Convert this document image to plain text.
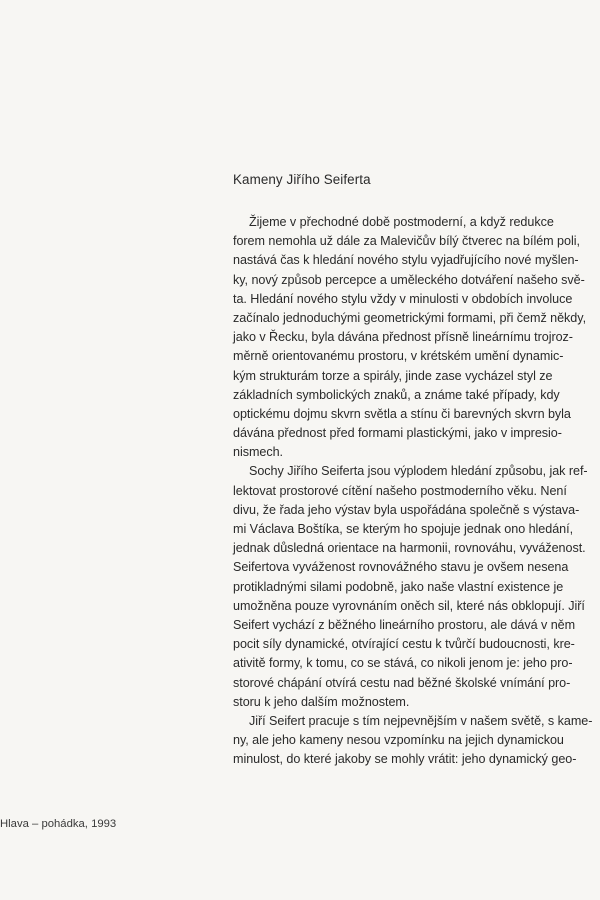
Kameny Jiřího Seiferta
Žijeme v přechodné době postmoderní, a když redukce
forem nemohla už dále za Malevičův bílý čtverec na bílém poli,
nastává čas k hledání nového stylu vyjadřujícího nové myšlen-
ky, nový způsob percepce a uměleckého dotváření našeho svě-
ta. Hledání nového stylu vždy v minulosti v obdobích involuce
začínalo jednoduchými geometrickými formami, při čemž někdy,
jako v Řecku, byla dávána přednost přísně lineárnímu trojroz-
měrně orientovanému prostoru, v krétském umění dynamic-
kým strukturám torze a spirály, jinde zase vycházel styl ze
základních symbolických znaků, a známe také případy, kdy
optickému dojmu skvrn světla a stínu či barevných skvrn byla
dávána přednost před formami plastickými, jako v impresio-
nismech.
Sochy Jiřího Seiferta jsou výplodem hledání způsobu, jak ref-
lektovat prostorové cítění našeho postmoderního věku. Není
divu, že řada jeho výstav byla uspořádána společně s výstava-
mi Václava Boštíka, se kterým ho spojuje jednak ono hledání,
jednak důsledná orientace na harmonii, rovnováhu, vyváženost.
Seifertova vyváženost rovnovážného stavu je ovšem nesena
protikladnými silami podobně, jako naše vlastní existence je
umožněna pouze vyrovnáním oněch sil, které nás obklopují. Jiří
Seifert vychází z běžného lineárního prostoru, ale dává v něm
pocit síly dynamické, otvírající cestu k tvůrčí budoucnosti, kre-
ativitě formy, k tomu, co se stává, co nikoli jenom je: jeho pro-
storové chápání otvírá cestu nad běžné školské vnímání pro-
storu k jeho dalším možnostem.
Jiří Seifert pracuje s tím nejpevnějším v našem světě, s kame-
ny, ale jeho kameny nesou vzpomínku na jejich dynamickou
minulost, do které jakoby se mohly vrátit: jeho dynamický geo-
Hlava – pohádka, 1993
